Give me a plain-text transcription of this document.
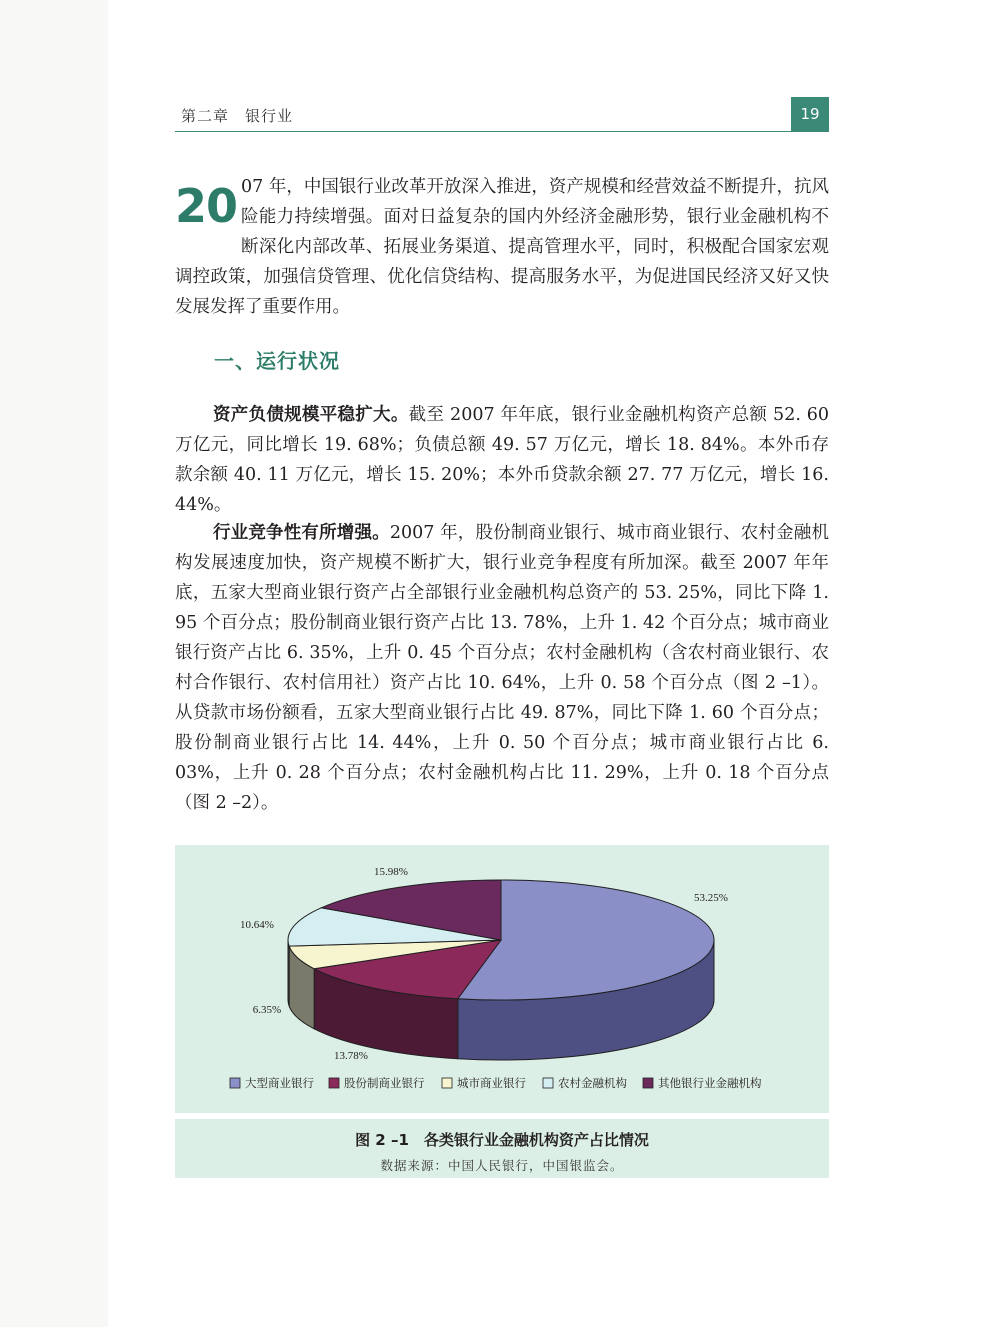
第二章　银行业	19

20 07 年，中国银行业改革开放深入推进，资产规模和经营效益不断提升，抗风险能力持续增强。面对日益复杂的国内外经济金融形势，银行业金融机构不断深化内部改革、拓展业务渠道、提高管理水平，同时，积极配合国家宏观调控政策，加强信贷管理、优化信贷结构、提高服务水平，为促进国民经济又好又快发展发挥了重要作用。

一、运行状况

资产负债规模平稳扩大。截至 2007 年年底，银行业金融机构资产总额 52. 60 万亿元，同比增长 19. 68%；负债总额 49. 57 万亿元，增长 18. 84%。本外币存款余额 40. 11 万亿元，增长 15. 20%；本外币贷款余额 27. 77 万亿元，增长 16. 44%。

行业竞争性有所增强。2007 年，股份制商业银行、城市商业银行、农村金融机构发展速度加快，资产规模不断扩大，银行业竞争程度有所加深。截至 2007 年年底，五家大型商业银行资产占全部银行业金融机构总资产的 53. 25%，同比下降 1. 95 个百分点；股份制商业银行资产占比 13. 78%，上升 1. 42 个百分点；城市商业银行资产占比 6. 35%，上升 0. 45 个百分点；农村金融机构（含农村商业银行、农村合作银行、农村信用社）资产占比 10. 64%，上升 0. 58 个百分点（图 2 –1）。从贷款市场份额看，五家大型商业银行占比 49. 87%，同比下降 1. 60 个百分点；股份制商业银行占比 14. 44%，上升 0. 50 个百分点；城市商业银行占比 6. 03%，上升 0. 28 个百分点；农村金融机构占比 11. 29%，上升 0. 18 个百分点（图 2 –2）。

53.25%
13.78%
6.35%
10.64%
15.98%
大型商业银行	股份制商业银行	城市商业银行	农村金融机构	其他银行业金融机构
图 2 –1　各类银行业金融机构资产占比情况
数据来源：中国人民银行，中国银监会。
